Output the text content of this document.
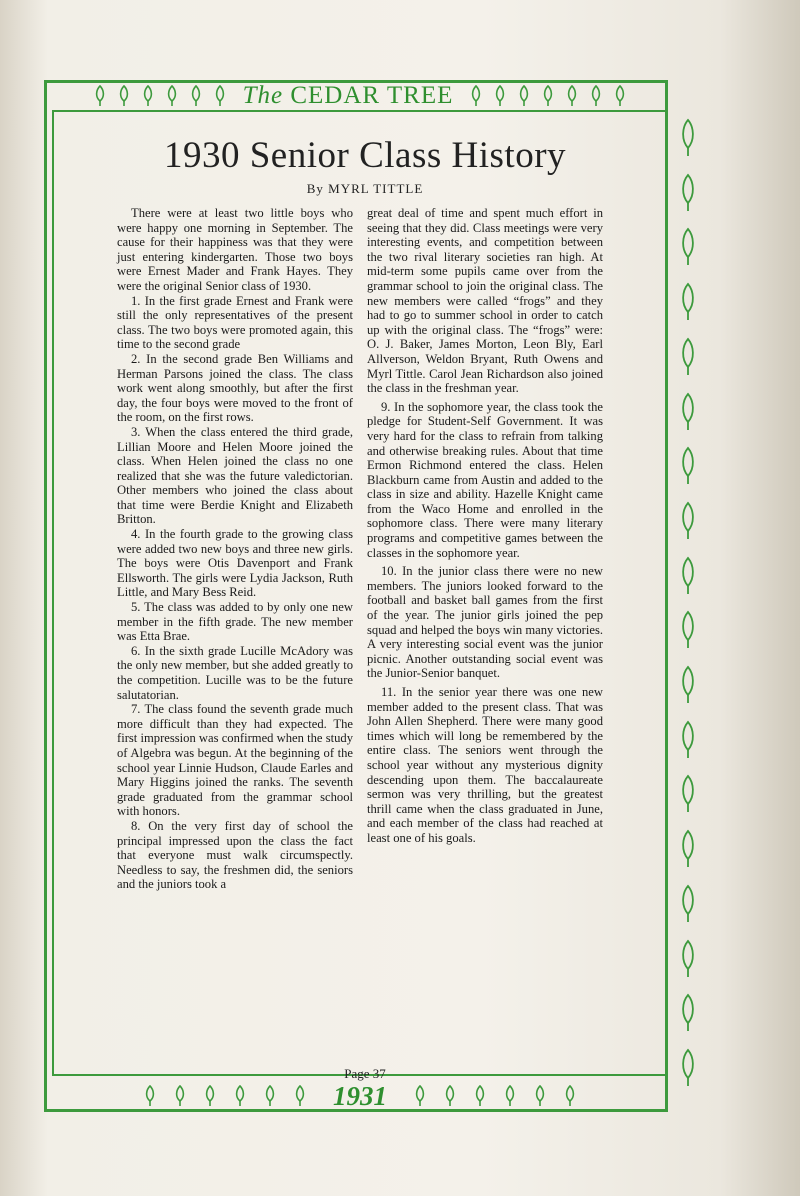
The CEDAR TREE
1930 Senior Class History
By MYRL TITTLE

There were at least two little boys who were happy one morning in September. The cause for their happiness was that they were just entering kindergarten. Those two boys were Ernest Mader and Frank Hayes. They were the original Senior class of 1930.

1. In the first grade Ernest and Frank were still the only representatives of the present class. The two boys were promoted again, this time to the second grade

2. In the second grade Ben Williams and Herman Parsons joined the class. The class work went along smoothly, but after the first day, the four boys were moved to the front of the room, on the first rows.

3. When the class entered the third grade, Lillian Moore and Helen Moore joined the class. When Helen joined the class no one realized that she was the future valedictorian. Other members who joined the class about that time were Berdie Knight and Elizabeth Britton.

4. In the fourth grade to the growing class were added two new boys and three new girls. The boys were Otis Davenport and Frank Ellsworth. The girls were Lydia Jackson, Ruth Little, and Mary Bess Reid.

5. The class was added to by only one new member in the fifth grade. The new member was Etta Brae.

6. In the sixth grade Lucille McAdory was the only new member, but she added greatly to the competition. Lucille was to be the future salutatorian.

7. The class found the seventh grade much more difficult than they had expected. The first impression was confirmed when the study of Algebra was begun. At the beginning of the school year Linnie Hudson, Claude Earles and Mary Higgins joined the ranks. The seventh grade graduated from the grammar school with honors.

8. On the very first day of school the principal impressed upon the class the fact that everyone must walk circumspectly. Needless to say, the freshmen did, the seniors and the juniors took a

great deal of time and spent much effort in seeing that they did. Class meetings were very interesting events, and competition between the two rival literary societies ran high. At mid-term some pupils came over from the grammar school to join the original class. The new members were called “frogs” and they had to go to summer school in order to catch up with the original class. The “frogs” were: O. J. Baker, James Morton, Leon Bly, Earl Allverson, Weldon Bryant, Ruth Owens and Myrl Tittle. Carol Jean Richardson also joined the class in the freshman year.

9. In the sophomore year, the class took the pledge for Student-Self Government. It was very hard for the class to refrain from talking and otherwise breaking rules. About that time Ermon Richmond entered the class. Helen Blackburn came from Austin and added to the class in size and ability. Hazelle Knight came from the Waco Home and enrolled in the sophomore class. There were many literary programs and competitive games between the classes in the sophomore year.

10. In the junior class there were no new members. The juniors looked forward to the football and basket ball games from the first of the year. The junior girls joined the pep squad and helped the boys win many victories. A very interesting social event was the junior picnic. Another outstanding social event was the Junior-Senior banquet.

11. In the senior year there was one new member added to the present class. That was John Allen Shepherd. There were many good times which will long be remembered by the entire class. The seniors went through the school year without any mysterious dignity descending upon them. The baccalaureate sermon was very thrilling, but the greatest thrill came when the class graduated in June, and each member of the class had reached at least one of his goals.

Page 37
1931
